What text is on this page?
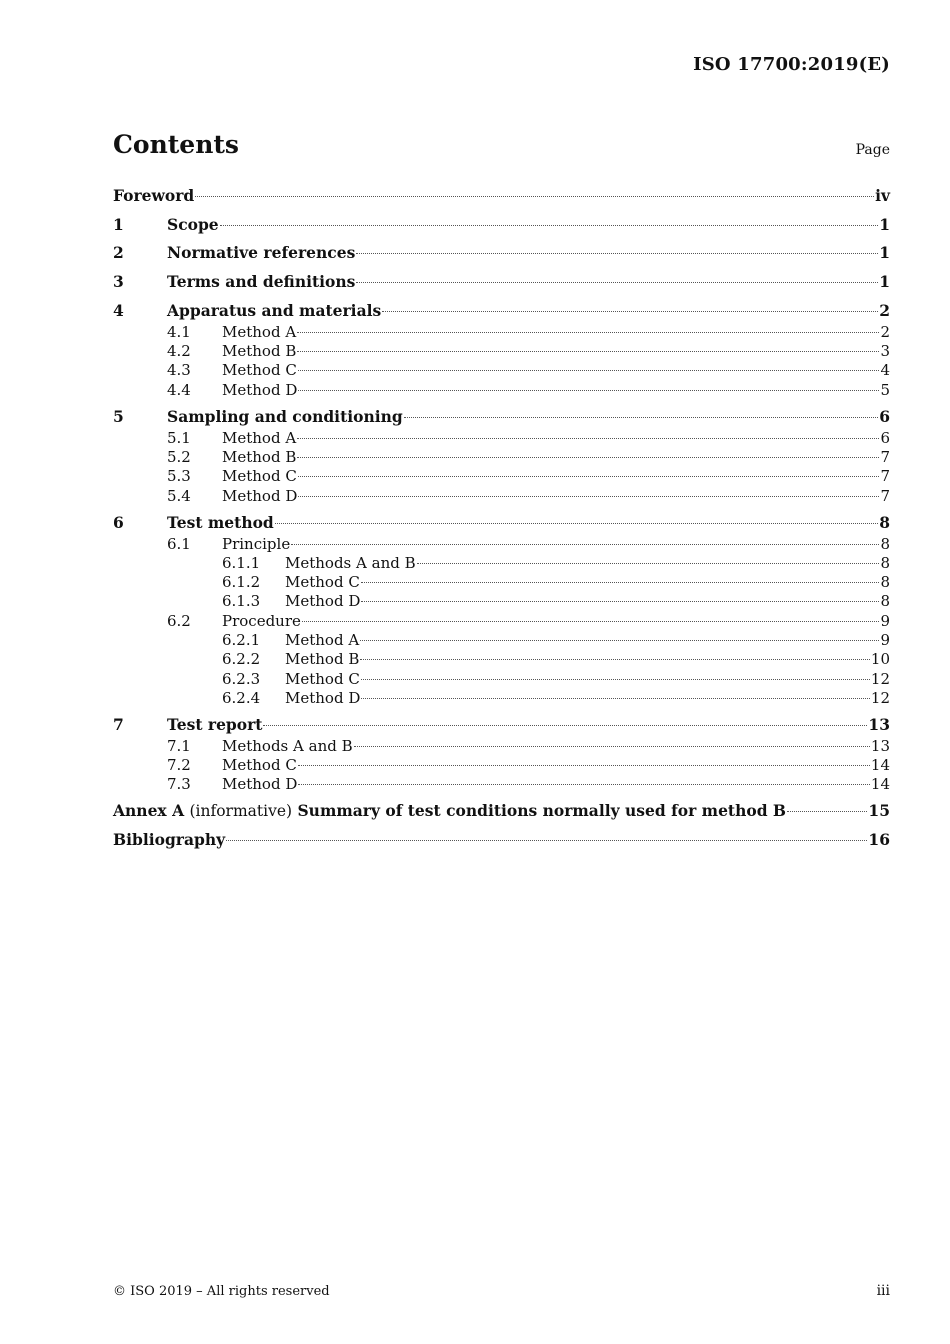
ISO 17700:2019(E)
Contents	Page
Foreword	iv
1	Scope	1
2	Normative references	1
3	Terms and definitions	1
4	Apparatus and materials	2
4.1	Method A	2
4.2	Method B	3
4.3	Method C	4
4.4	Method D	5
5	Sampling and conditioning	6
5.1	Method A	6
5.2	Method B	7
5.3	Method C	7
5.4	Method D	7
6	Test method	8
6.1	Principle	8
6.1.1	Methods A and B	8
6.1.2	Method C	8
6.1.3	Method D	8
6.2	Procedure	9
6.2.1	Method A	9
6.2.2	Method B	10
6.2.3	Method C	12
6.2.4	Method D	12
7	Test report	13
7.1	Methods A and B	13
7.2	Method C	14
7.3	Method D	14
Annex A (informative) Summary of test conditions normally used for method B	15
Bibliography	16
© ISO 2019 – All rights reserved	iii
